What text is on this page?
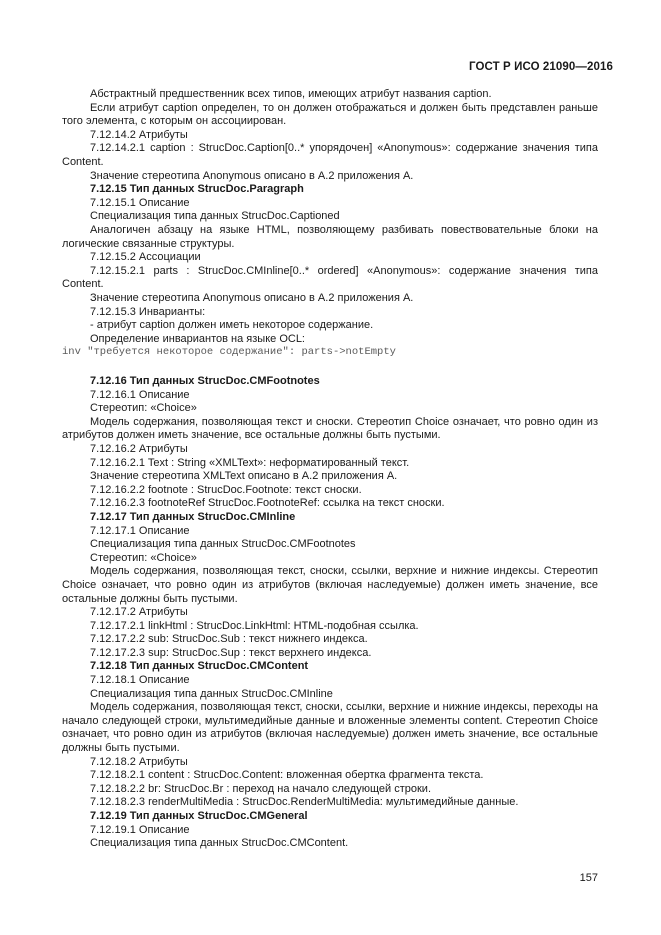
ГОСТ Р ИСО 21090—2016

Абстрактный предшественник всех типов, имеющих атрибут названия caption.

Если атрибут caption определен, то он должен отображаться и должен быть представлен раньше того элемента, с которым он ассоциирован.

7.12.14.2 Атрибуты

7.12.14.2.1 caption : StrucDoc.Caption[0..* упорядочен] «Anonymous»: содержание значения типа Content.

Значение стереотипа Anonymous описано в А.2 приложения А.

7.12.15 Тип данных StrucDoc.Paragraph

7.12.15.1 Описание

Специализация типа данных StrucDoc.Captioned

Аналогичен абзацу на языке HTML, позволяющему разбивать повествовательные блоки на логические связанные структуры.

7.12.15.2 Ассоциации

7.12.15.2.1 parts : StrucDoc.CMInline[0..* ordered] «Anonymous»: содержание значения типа Content.

Значение стереотипа Anonymous описано в А.2 приложения А.

7.12.15.3 Инварианты:

- атрибут caption должен иметь некоторое содержание.

Определение инвариантов на языке OCL:

inv "требуется некоторое содержание": parts->notEmpty

7.12.16 Тип данных StrucDoc.CMFootnotes

7.12.16.1 Описание

Стереотип: «Choice»

Модель содержания, позволяющая текст и сноски. Стереотип Choice означает, что ровно один из атрибутов должен иметь значение, все остальные должны быть пустыми.

7.12.16.2 Атрибуты

7.12.16.2.1 Text : String «XMLText»: неформатированный текст.

Значение стереотипа XMLText описано в А.2 приложения А.

7.12.16.2.2 footnote : StrucDoc.Footnote: текст сноски.

7.12.16.2.3 footnoteRef StrucDoc.FootnoteRef: ссылка на текст сноски.

7.12.17 Тип данных StrucDoc.CMInline

7.12.17.1 Описание

Специализация типа данных StrucDoc.CMFootnotes

Стереотип: «Choice»

Модель содержания, позволяющая текст, сноски, ссылки, верхние и нижние индексы. Стереотип Choice означает, что ровно один из атрибутов (включая наследуемые) должен иметь значение, все остальные должны быть пустыми.

7.12.17.2 Атрибуты

7.12.17.2.1 linkHtml : StrucDoc.LinkHtml: HTML-подобная ссылка.

7.12.17.2.2 sub: StrucDoc.Sub : текст нижнего индекса.

7.12.17.2.3 sup: StrucDoc.Sup : текст верхнего индекса.

7.12.18 Тип данных StrucDoc.CMContent

7.12.18.1 Описание

Специализация типа данных StrucDoc.CMInline

Модель содержания, позволяющая текст, сноски, ссылки, верхние и нижние индексы, переходы на начало следующей строки, мультимедийные данные и вложенные элементы content. Стереотип Choice означает, что ровно один из атрибутов (включая наследуемые) должен иметь значение, все остальные должны быть пустыми.

7.12.18.2 Атрибуты

7.12.18.2.1 content : StrucDoc.Content: вложенная обертка фрагмента текста.

7.12.18.2.2 br: StrucDoc.Br : переход на начало следующей строки.

7.12.18.2.3 renderMultiMedia : StrucDoc.RenderMultiMedia: мультимедийные данные.

7.12.19 Тип данных StrucDoc.CMGeneral

7.12.19.1 Описание

Специализация типа данных StrucDoc.CMContent.

157
